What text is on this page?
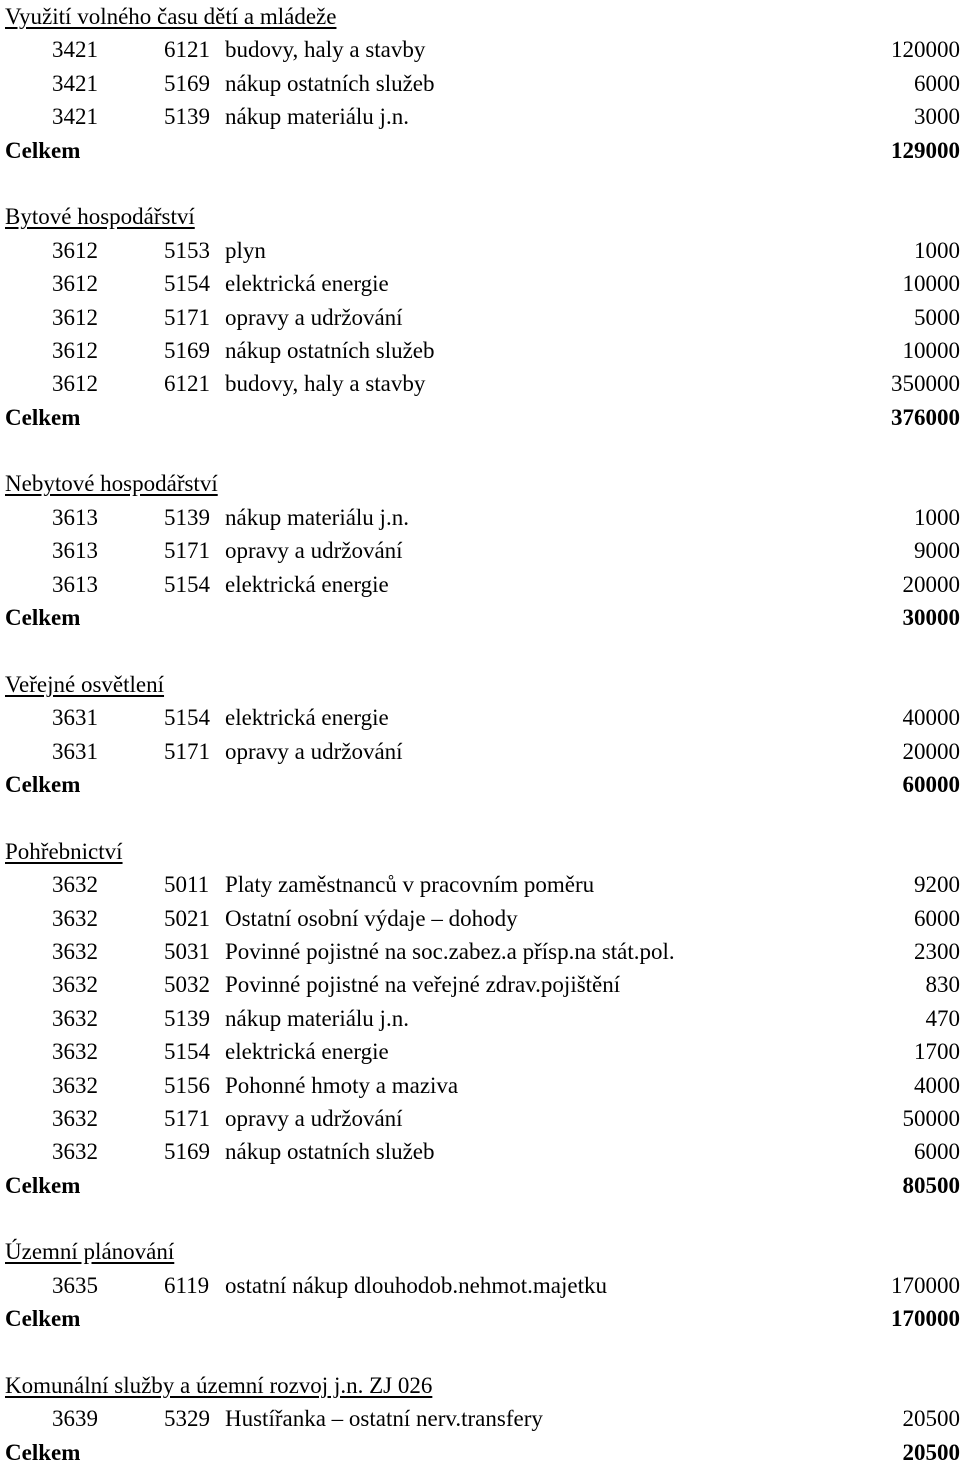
Využití volného času dětí a mládeže
3421	6121 budovy, haly a stavby	120000
3421	5169 nákup ostatních služeb	6000
3421	5139 nákup materiálu j.n.	3000
Celkem	129000
Bytové hospodářství
3612	5153 plyn	1000
3612	5154 elektrická energie	10000
3612	5171 opravy a udržování	5000
3612	5169 nákup ostatních služeb	10000
3612	6121 budovy, haly a stavby	350000
Celkem	376000
Nebytové hospodářství
3613	5139 nákup materiálu j.n.	1000
3613	5171 opravy a udržování	9000
3613	5154 elektrická energie	20000
Celkem	30000
Veřejné osvětlení
3631	5154 elektrická energie	40000
3631	5171 opravy a udržování	20000
Celkem	60000
Pohřebnictví
3632	5011 Platy zaměstnanců v pracovním poměru	9200
3632	5021 Ostatní osobní výdaje – dohody	6000
3632	5031 Povinné pojistné na soc.zabez.a přísp.na stát.pol.	2300
3632	5032 Povinné pojistné na veřejné zdrav.pojištění	830
3632	5139 nákup materiálu j.n.	470
3632	5154 elektrická energie	1700
3632	5156 Pohonné hmoty a maziva	4000
3632	5171 opravy a udržování	50000
3632	5169 nákup ostatních služeb	6000
Celkem	80500
Územní plánování
3635	6119 ostatní nákup dlouhodob.nehmot.majetku	170000
Celkem	170000
Komunální služby a územní rozvoj j.n. ZJ 026
3639	5329 Hustířanka – ostatní nerv.transfery	20500
Celkem	20500
